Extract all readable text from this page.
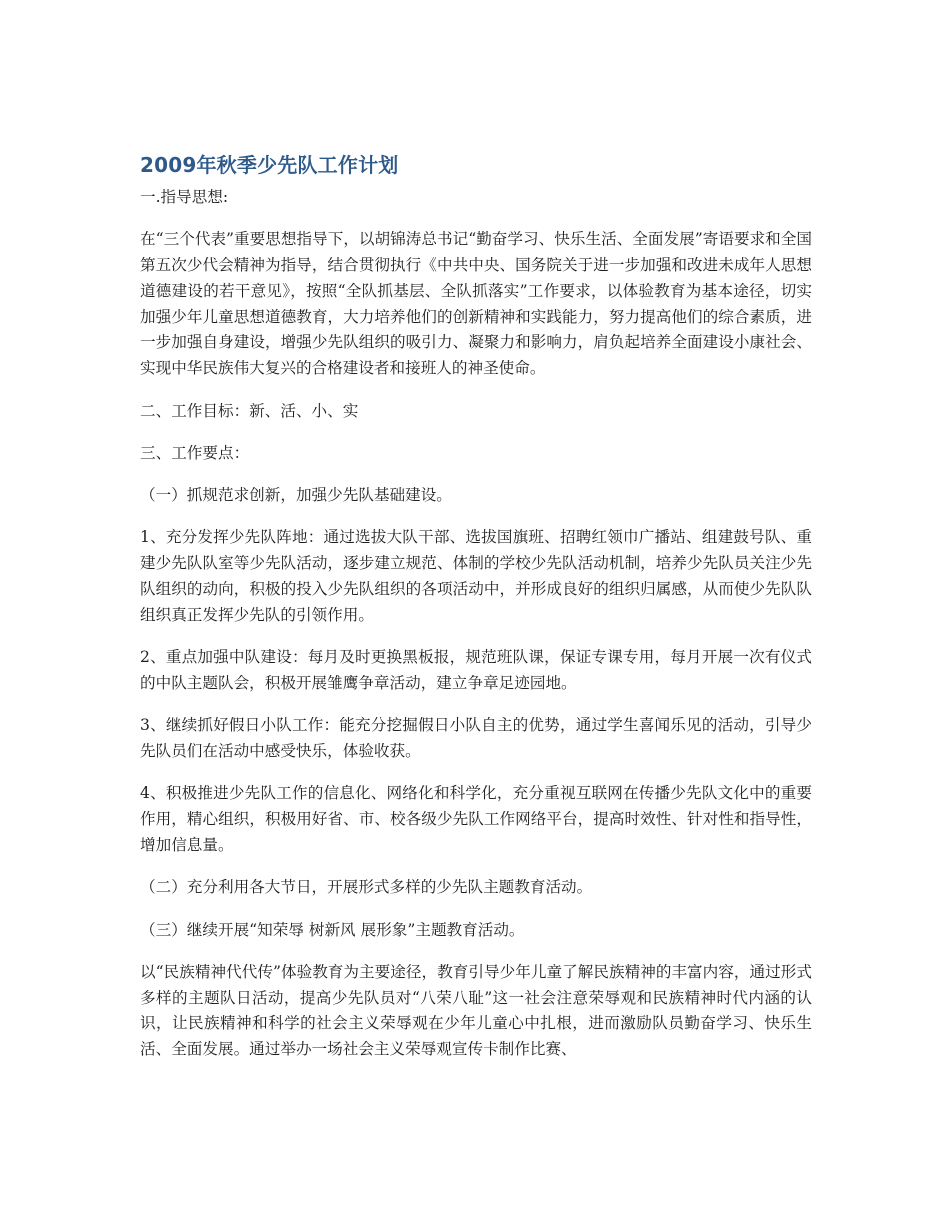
2009年秋季少先队工作计划

一.指导思想:

在“三个代表”重要思想指导下，以胡锦涛总书记“勤奋学习、快乐生活、全面发展”寄语要求和全国第五次少代会精神为指导，结合贯彻执行《中共中央、国务院关于进一步加强和改进未成年人思想道德建设的若干意见》，按照“全队抓基层、全队抓落实”工作要求，以体验教育为基本途径，切实加强少年儿童思想道德教育，大力培养他们的创新精神和实践能力，努力提高他们的综合素质，进一步加强自身建设，增强少先队组织的吸引力、凝聚力和影响力，肩负起培养全面建设小康社会、实现中华民族伟大复兴的合格建设者和接班人的神圣使命。

二、工作目标：新、活、小、实

三、工作要点：

（一）抓规范求创新，加强少先队基础建设。

1、充分发挥少先队阵地：通过选拔大队干部、选拔国旗班、招聘红领巾广播站、组建鼓号队、重建少先队队室等少先队活动，逐步建立规范、体制的学校少先队活动机制，培养少先队员关注少先队组织的动向，积极的投入少先队组织的各项活动中，并形成良好的组织归属感，从而使少先队队组织真正发挥少先队的引领作用。

2、重点加强中队建设：每月及时更换黑板报，规范班队课，保证专课专用，每月开展一次有仪式的中队主题队会，积极开展雏鹰争章活动，建立争章足迹园地。

3、继续抓好假日小队工作：能充分挖掘假日小队自主的优势，通过学生喜闻乐见的活动，引导少先队员们在活动中感受快乐，体验收获。

4、积极推进少先队工作的信息化、网络化和科学化，充分重视互联网在传播少先队文化中的重要作用，精心组织，积极用好省、市、校各级少先队工作网络平台，提高时效性、针对性和指导性，增加信息量。

（二）充分利用各大节日，开展形式多样的少先队主题教育活动。

（三）继续开展“知荣辱 树新风 展形象”主题教育活动。

以“民族精神代代传”体验教育为主要途径，教育引导少年儿童了解民族精神的丰富内容，通过形式多样的主题队日活动，提高少先队员对“八荣八耻”这一社会注意荣辱观和民族精神时代内涵的认识，让民族精神和科学的社会主义荣辱观在少年儿童心中扎根，进而激励队员勤奋学习、快乐生活、全面发展。通过举办一场社会主义荣辱观宣传卡制作比赛、
